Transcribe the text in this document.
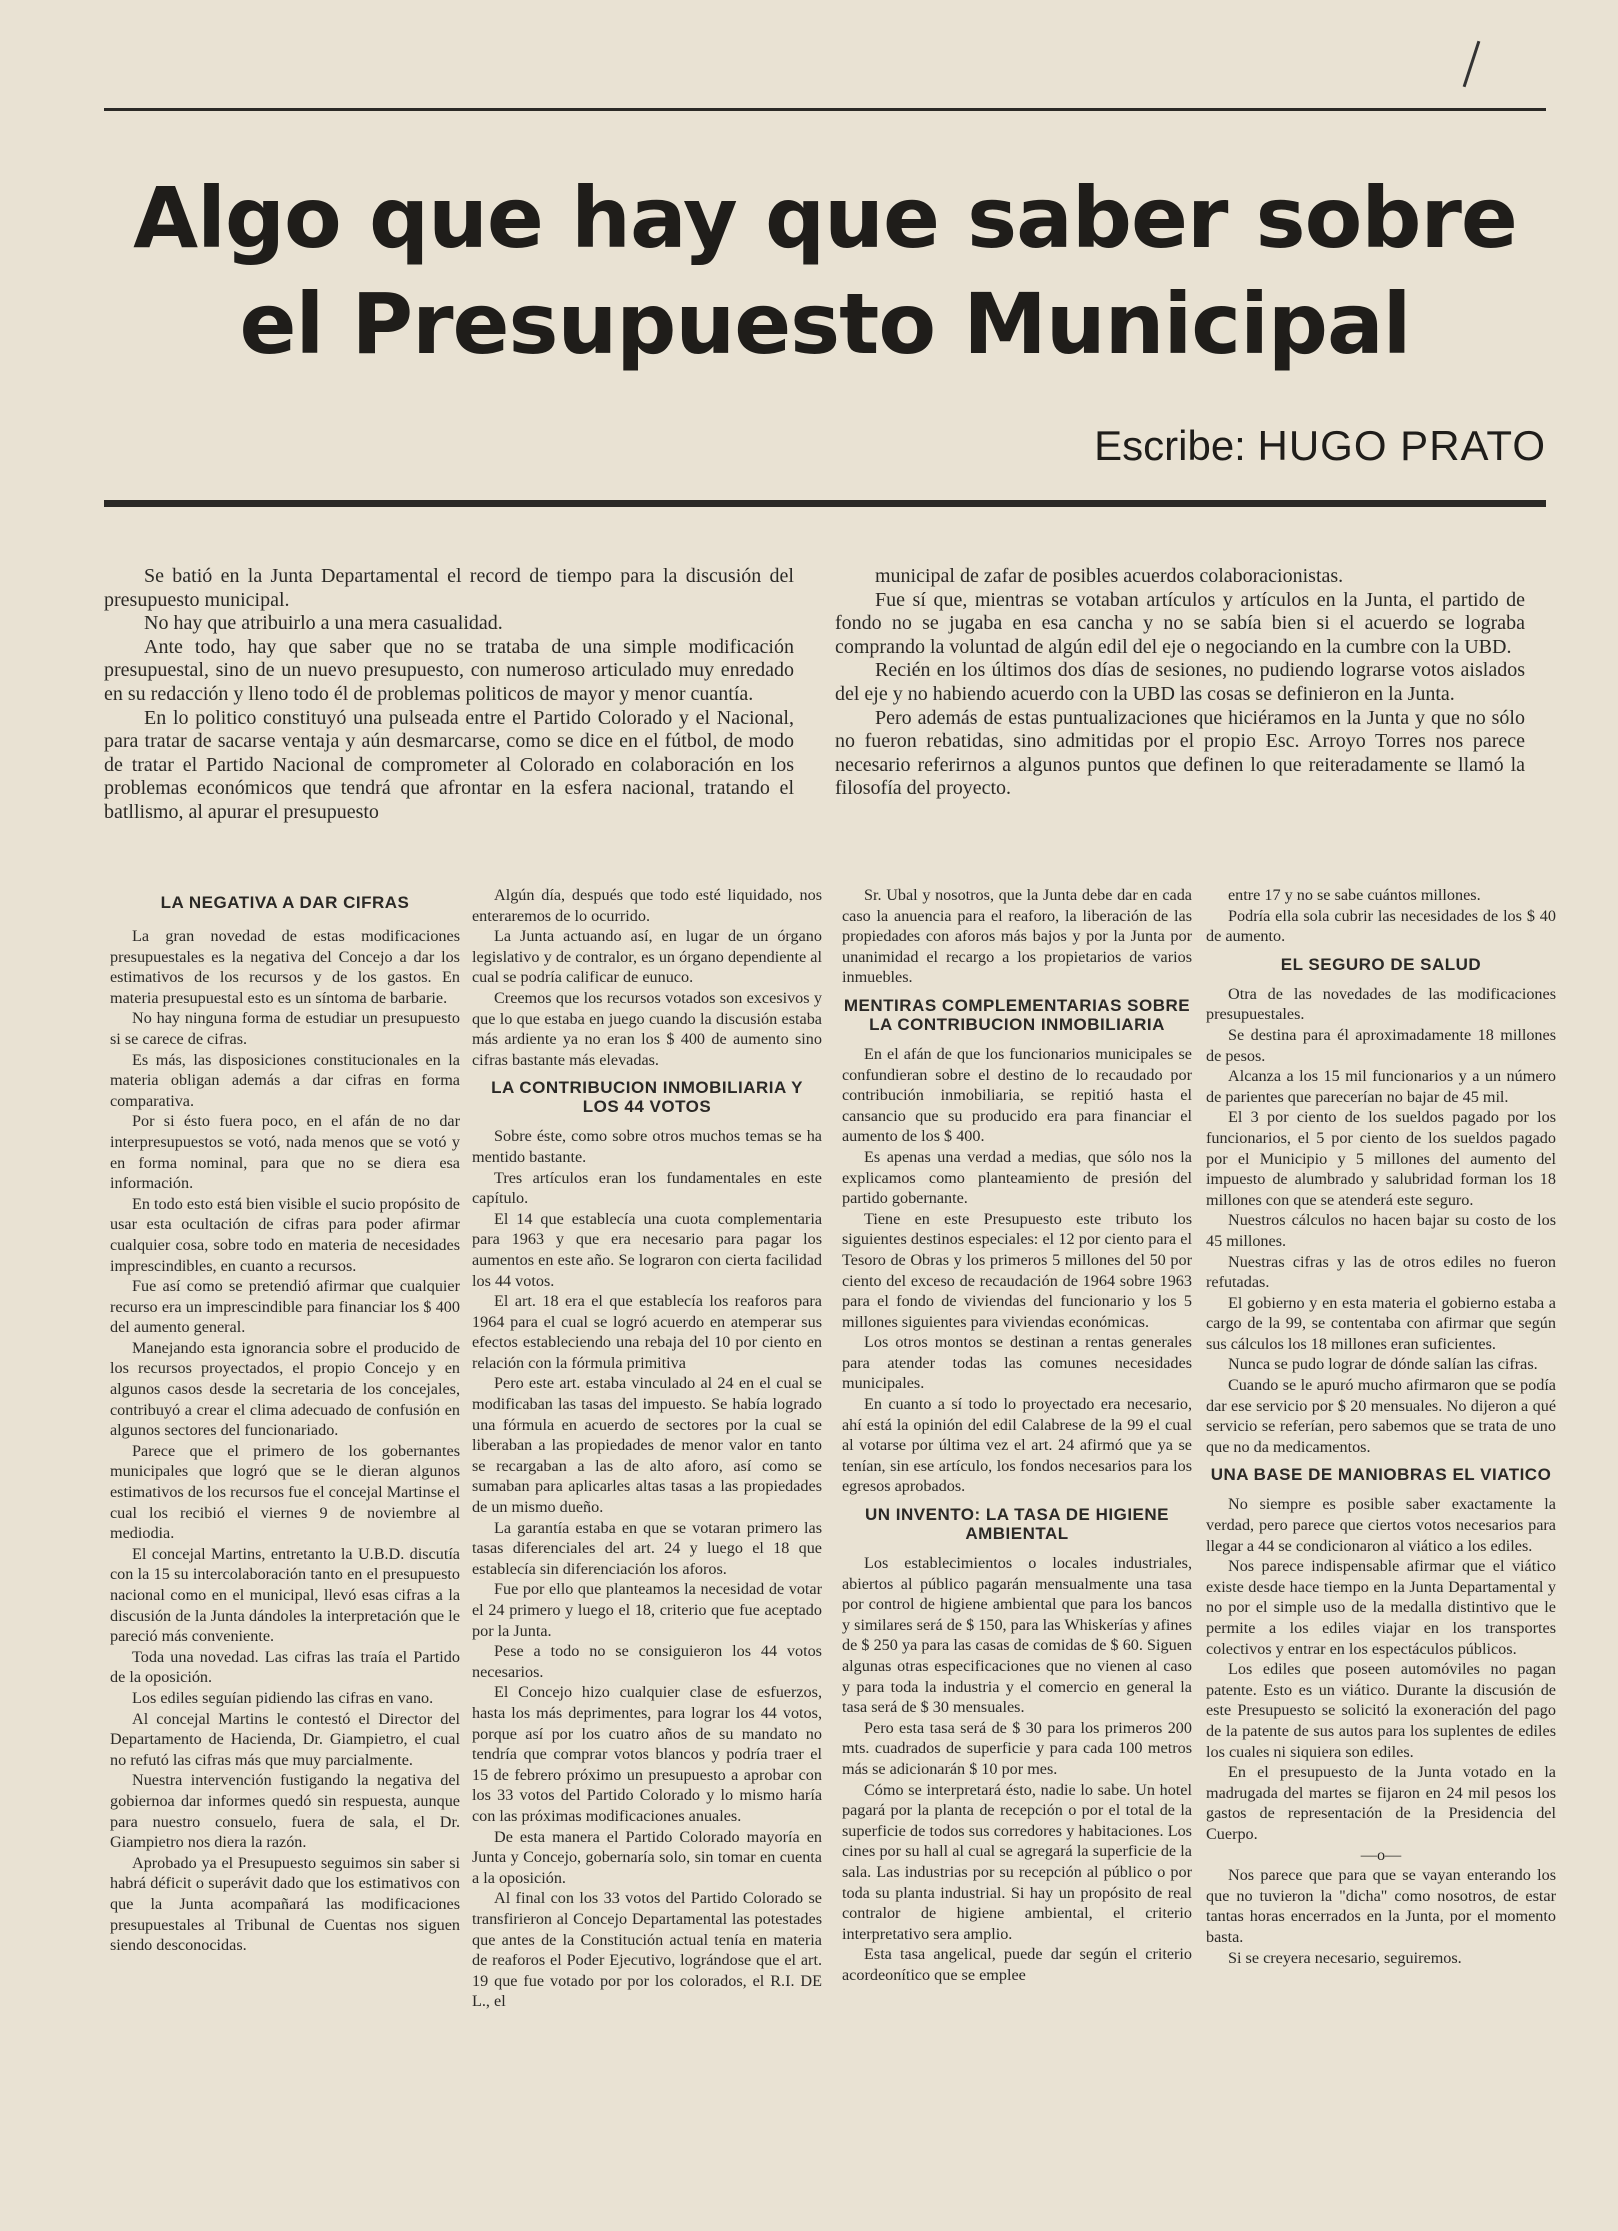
Algo que hay que saber sobre el Presupuesto Municipal
Escribe: HUGO PRATO

Se batió en la Junta Departamental el record de tiempo para la discusión del presupuesto municipal.

No hay que atribuirlo a una mera casualidad.

Ante todo, hay que saber que no se trataba de una simple modificación presupuestal, sino de un nuevo presupuesto, con numeroso articulado muy enredado en su redacción y lleno todo él de problemas politicos de mayor y menor cuantía.

En lo politico constituyó una pulseada entre el Partido Colorado y el Nacional, para tratar de sacarse ventaja y aún desmarcarse, como se dice en el fútbol, de modo de tratar el Partido Nacional de comprometer al Colorado en colaboración en los problemas económicos que tendrá que afrontar en la esfera nacional, tratando el batllismo, al apurar el presupuesto

municipal de zafar de posibles acuerdos colaboracionistas.

Fue sí que, mientras se votaban artículos y artículos en la Junta, el partido de fondo no se jugaba en esa cancha y no se sabía bien si el acuerdo se lograba comprando la voluntad de algún edil del eje o negociando en la cumbre con la UBD.

Recién en los últimos dos días de sesiones, no pudiendo lograrse votos aislados del eje y no habiendo acuerdo con la UBD las cosas se definieron en la Junta.

Pero además de estas puntualizaciones que hiciéramos en la Junta y que no sólo no fueron rebatidas, sino admitidas por el propio Esc. Arroyo Torres nos parece necesario referirnos a algunos puntos que definen lo que reiteradamente se llamó la filosofía del proyecto.

LA NEGATIVA A DAR CIFRAS

La gran novedad de estas modificaciones presupuestales es la negativa del Concejo a dar los estimativos de los recursos y de los gastos. En materia presupuestal esto es un síntoma de barbarie.

No hay ninguna forma de estudiar un presupuesto si se carece de cifras.

Es más, las disposiciones constitucionales en la materia obligan además a dar cifras en forma comparativa.

Por si ésto fuera poco, en el afán de no dar interpresupuestos se votó, nada menos que se votó y en forma nominal, para que no se diera esa información.

En todo esto está bien visible el sucio propósito de usar esta ocultación de cifras para poder afirmar cualquier cosa, sobre todo en materia de necesidades imprescindibles, en cuanto a recursos.

Fue así como se pretendió afirmar que cualquier recurso era un imprescindible para financiar los $ 400 del aumento general.

Manejando esta ignorancia sobre el producido de los recursos proyectados, el propio Concejo y en algunos casos desde la secretaria de los concejales, contribuyó a crear el clima adecuado de confusión en algunos sectores del funcionariado.

Parece que el primero de los gobernantes municipales que logró que se le dieran algunos estimativos de los recursos fue el concejal Martinse el cual los recibió el viernes 9 de noviembre al mediodia.

El concejal Martins, entretanto la U.B.D. discutía con la 15 su intercolaboración tanto en el presupuesto nacional como en el municipal, llevó esas cifras a la discusión de la Junta dándoles la interpretación que le pareció más conveniente.

Toda una novedad. Las cifras las traía el Partido de la oposición.

Los ediles seguían pidiendo las cifras en vano.

Al concejal Martins le contestó el Director del Departamento de Hacienda, Dr. Giampietro, el cual no refutó las cifras más que muy parcialmente.

Nuestra intervención fustigando la negativa del gobiernoa dar informes quedó sin respuesta, aunque para nuestro consuelo, fuera de sala, el Dr. Giampietro nos diera la razón.

Aprobado ya el Presupuesto seguimos sin saber si habrá déficit o superávit dado que los estimativos con que la Junta acompañará las modificaciones presupuestales al Tribunal de Cuentas nos siguen siendo desconocidas.

Algún día, después que todo esté liquidado, nos enteraremos de lo ocurrido.

La Junta actuando así, en lugar de un órgano legislativo y de contralor, es un órgano dependiente al cual se podría calificar de eunuco.

Creemos que los recursos votados son excesivos y que lo que estaba en juego cuando la discusión estaba más ardiente ya no eran los $ 400 de aumento sino cifras bastante más elevadas.

LA CONTRIBUCION INMOBILIARIA Y LOS 44 VOTOS

Sobre éste, como sobre otros muchos temas se ha mentido bastante.

Tres artículos eran los fundamentales en este capítulo.

El 14 que establecía una cuota complementaria para 1963 y que era necesario para pagar los aumentos en este año. Se lograron con cierta facilidad los 44 votos.

El art. 18 era el que establecía los reaforos para 1964 para el cual se logró acuerdo en atemperar sus efectos estableciendo una rebaja del 10 por ciento en relación con la fórmula primitiva

Pero este art. estaba vinculado al 24 en el cual se modificaban las tasas del impuesto. Se había logrado una fórmula en acuerdo de sectores por la cual se liberaban a las propiedades de menor valor en tanto se recargaban a las de alto aforo, así como se sumaban para aplicarles altas tasas a las propiedades de un mismo dueño.

La garantía estaba en que se votaran primero las tasas diferenciales del art. 24 y luego el 18 que establecía sin diferenciación los aforos.

Fue por ello que planteamos la necesidad de votar el 24 primero y luego el 18, criterio que fue aceptado por la Junta.

Pese a todo no se consiguieron los 44 votos necesarios.

El Concejo hizo cualquier clase de esfuerzos, hasta los más deprimentes, para lograr los 44 votos, porque así por los cuatro años de su mandato no tendría que comprar votos blancos y podría traer el 15 de febrero próximo un presupuesto a aprobar con los 33 votos del Partido Colorado y lo mismo haría con las próximas modificaciones anuales.

De esta manera el Partido Colorado mayoría en Junta y Concejo, gobernaría solo, sin tomar en cuenta a la oposición.

Al final con los 33 votos del Partido Colorado se transfirieron al Concejo Departamental las potestades que antes de la Constitución actual tenía en materia de reaforos el Poder Ejecutivo, lográndose que el art. 19 que fue votado por por los colorados, el R.I. DE L., el

Sr. Ubal y nosotros, que la Junta debe dar en cada caso la anuencia para el reaforo, la liberación de las propiedades con aforos más bajos y por la Junta por unanimidad el recargo a los propietarios de varios inmuebles.

MENTIRAS COMPLEMENTARIAS SOBRE LA CONTRIBUCION INMOBILIARIA

En el afán de que los funcionarios municipales se confundieran sobre el destino de lo recaudado por contribución inmobiliaria, se repitió hasta el cansancio que su producido era para financiar el aumento de los $ 400.

Es apenas una verdad a medias, que sólo nos la explicamos como planteamiento de presión del partido gobernante.

Tiene en este Presupuesto este tributo los siguientes destinos especiales: el 12 por ciento para el Tesoro de Obras y los primeros 5 millones del 50 por ciento del exceso de recaudación de 1964 sobre 1963 para el fondo de viviendas del funcionario y los 5 millones siguientes para viviendas económicas.

Los otros montos se destinan a rentas generales para atender todas las comunes necesidades municipales.

En cuanto a sí todo lo proyectado era necesario, ahí está la opinión del edil Calabrese de la 99 el cual al votarse por última vez el art. 24 afirmó que ya se tenían, sin ese artículo, los fondos necesarios para los egresos aprobados.

UN INVENTO: LA TASA DE HIGIENE AMBIENTAL

Los establecimientos o locales industriales, abiertos al público pagarán mensualmente una tasa por control de higiene ambiental que para los bancos y similares será de $ 150, para las Whiskerías y afines de $ 250 ya para las casas de comidas de $ 60. Siguen algunas otras especificaciones que no vienen al caso y para toda la industria y el comercio en general la tasa será de $ 30 mensuales.

Pero esta tasa será de $ 30 para los primeros 200 mts. cuadrados de superficie y para cada 100 metros más se adicionarán $ 10 por mes.

Cómo se interpretará ésto, nadie lo sabe. Un hotel pagará por la planta de recepción o por el total de la superficie de todos sus corredores y habitaciones. Los cines por su hall al cual se agregará la superficie de la sala. Las industrias por su recepción al público o por toda su planta industrial. Si hay un propósito de real contralor de higiene ambiental, el criterio interpretativo sera amplio.

Esta tasa angelical, puede dar según el criterio acordeonítico que se emplee

entre 17 y no se sabe cuántos millones.

Podría ella sola cubrir las necesidades de los $ 40 de aumento.

EL SEGURO DE SALUD

Otra de las novedades de las modificaciones presupuestales.

Se destina para él aproximadamente 18 millones de pesos.

Alcanza a los 15 mil funcionarios y a un número de parientes que parecerían no bajar de 45 mil.

El 3 por ciento de los sueldos pagado por los funcionarios, el 5 por ciento de los sueldos pagado por el Municipio y 5 millones del aumento del impuesto de alumbrado y salubridad forman los 18 millones con que se atenderá este seguro.

Nuestros cálculos no hacen bajar su costo de los 45 millones.

Nuestras cifras y las de otros ediles no fueron refutadas.

El gobierno y en esta materia el gobierno estaba a cargo de la 99, se contentaba con afirmar que según sus cálculos los 18 millones eran suficientes.

Nunca se pudo lograr de dónde salían las cifras.

Cuando se le apuró mucho afirmaron que se podía dar ese servicio por $ 20 mensuales. No dijeron a qué servicio se referían, pero sabemos que se trata de uno que no da medicamentos.

UNA BASE DE MANIOBRAS EL VIATICO

No siempre es posible saber exactamente la verdad, pero parece que ciertos votos necesarios para llegar a 44 se condicionaron al viático a los ediles.

Nos parece indispensable afirmar que el viático existe desde hace tiempo en la Junta Departamental y no por el simple uso de la medalla distintivo que le permite a los ediles viajar en los transportes colectivos y entrar en los espectáculos públicos.

Los ediles que poseen automóviles no pagan patente. Esto es un viático. Durante la discusión de este Presupuesto se solicitó la exoneración del pago de la patente de sus autos para los suplentes de ediles los cuales ni siquiera son ediles.

En el presupuesto de la Junta votado en la madrugada del martes se fijaron en 24 mil pesos los gastos de representación de la Presidencia del Cuerpo.

—o—

Nos parece que para que se vayan enterando los que no tuvieron la "dicha" como nosotros, de estar tantas horas encerrados en la Junta, por el momento basta.

Si se creyera necesario, seguiremos.
